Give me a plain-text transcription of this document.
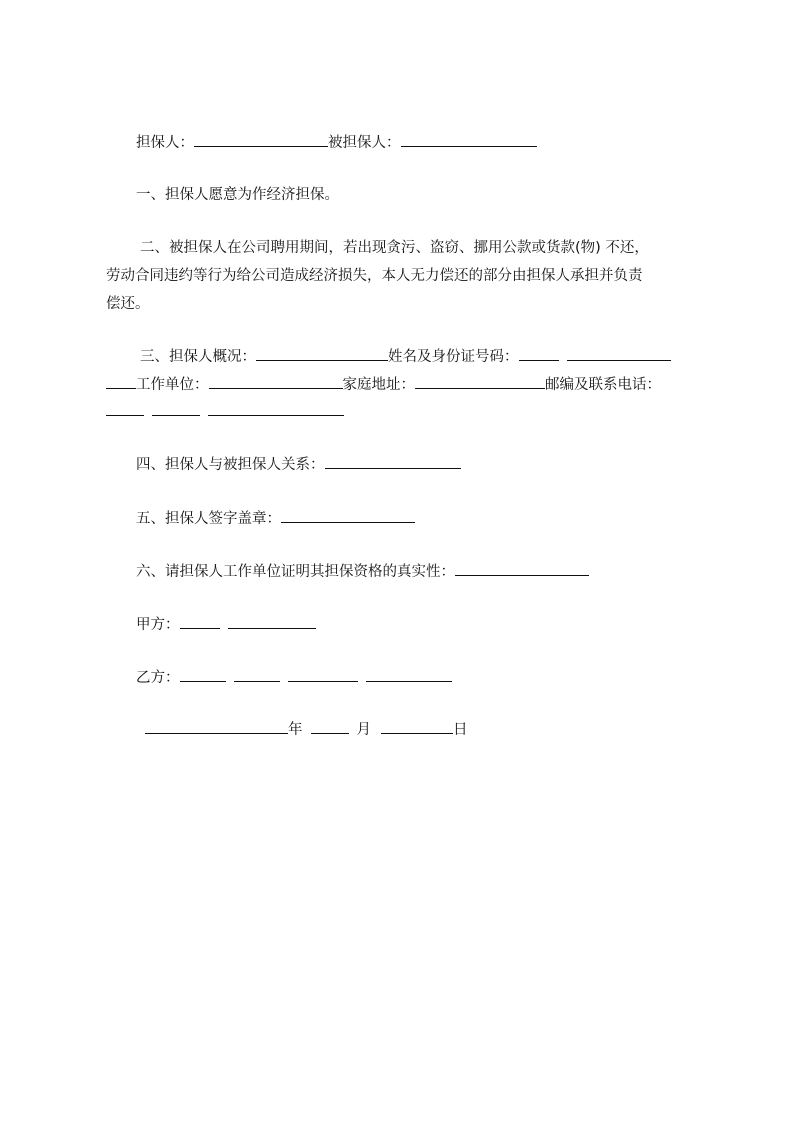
担保人：	被担保人：
一、担保人愿意为作经济担保。
二、被担保人在公司聘用期间，若出现贪污、盗窃、挪用公款或货款(物) 不还，
劳动合同违约等行为给公司造成经济损失，本人无力偿还的部分由担保人承担并负责
偿还。
三、担保人概况：	姓名及身份证号码：
工作单位：	家庭地址：	邮编及联系电话：
四、担保人与被担保人关系：
五、担保人签字盖章：
六、请担保人工作单位证明其担保资格的真实性：
甲方：
乙方：
年	月	日
